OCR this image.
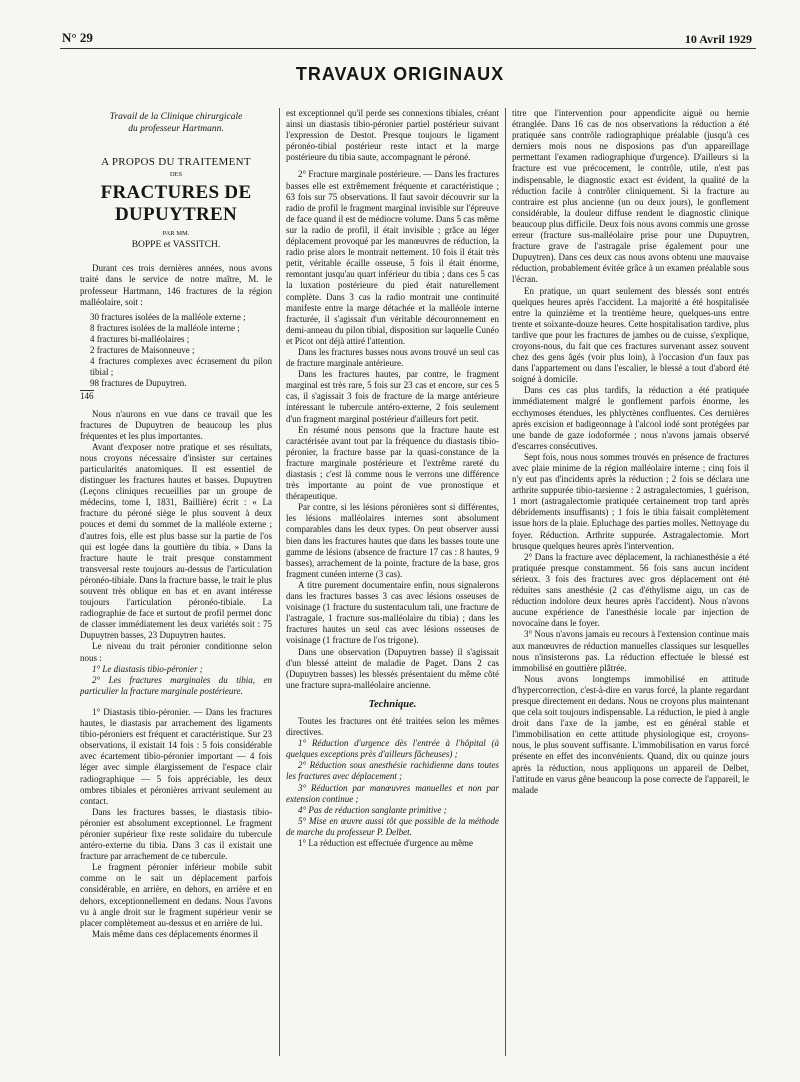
N° 29	10 Avril 1929
TRAVAUX ORIGINAUX
Travail de la Clinique chirurgicale
du professeur Hartmann.
A PROPOS DU TRAITEMENT
DES
FRACTURES DE DUPUYTREN
PAR MM.
BOPPE et VASSITCH.

Durant ces trois dernières années, nous avons traité dans le service de notre maître, M. le professeur Hartmann, 146 fractures de la région malléolaire, soit :

30 fractures isolées de la malléole externe ;

8 fractures isolées de la malléole interne ;

4 fractures bi-malléolaires ;

2 fractures de Maisonneuve ;

4 fractures complexes avec écrasement du pilon tibial ;

98 fractures de Dupuytren.

146

Nous n'aurons en vue dans ce travail que les fractures de Dupuytren de beaucoup les plus fréquentes et les plus importantes.

Avant d'exposer notre pratique et ses résultats, nous croyons nécessaire d'insister sur certaines particularités anatomiques. Il est essentiel de distinguer les fractures hautes et basses. Dupuytren (Leçons cliniques recueillies par un groupe de médecins, tome I, 1831, Baillière) écrit : « La fracture du péroné siège le plus souvent à deux pouces et demi du sommet de la malléole externe ; d'autres fois, elle est plus basse sur la partie de l'os qui est logée dans la gouttière du tibia. » Dans la fracture haute le trait presque constamment transversal reste toujours au-dessus de l'articulation péronéo-tibiale. Dans la fracture basse, le trait le plus souvent très oblique en bas et en avant intéresse toujours l'articulation péronéo-tibiale. La radiographie de face et surtout de profil permet donc de classer immédiatement les deux variétés soit : 75 Dupuytren basses, 23 Dupuytren hautes.

Le niveau du trait péronier conditionne selon nous :

1° Le diastasis tibio-péronier ;

2° Les fractures marginales du tibia, en particulier la fracture marginale postérieure.

1° Diastasis tibio-péronier. — Dans les fractures hautes, le diastasis par arrachement des ligaments tibio-péroniers est fréquent et caractéristique. Sur 23 observations, il existait 14 fois : 5 fois considérable avec écartement tibio-péronier important — 4 fois léger avec simple élargissement de l'espace clair radiographique — 5 fois appréciable, les deux ombres tibiales et péronières arrivant seulement au contact.

Dans les fractures basses, le diastasis tibio-péronier est absolument exceptionnel. Le fragment péronier supérieur fixe reste solidaire du tubercule antéro-externe du tibia. Dans 3 cas il existait une fracture par arrachement de ce tubercule.

Le fragment péronier inférieur mobile subit comme on le sait un déplacement parfois considérable, en arrière, en dehors, en arrière et en dehors, exceptionnellement en dedans. Nous l'avons vu à angle droit sur le fragment supérieur venir se placer complètement au-dessus et en arrière de lui.

Mais même dans ces déplacements énormes il

est exceptionnel qu'il perde ses connexions tibiales, créant ainsi un diastasis tibio-péronier partiel postérieur suivant l'expression de Destot. Presque toujours le ligament péronéo-tibial postérieur reste intact et la marge postérieure du tibia saute, accompagnant le péroné.

2° Fracture marginale postérieure. — Dans les fractures basses elle est extrêmement fréquente et caractéristique ; 63 fois sur 75 observations. Il faut savoir découvrir sur la radio de profil le fragment marginal invisible sur l'épreuve de face quand il est de médiocre volume. Dans 5 cas même sur la radio de profil, il était invisible ; grâce au léger déplacement provoqué par les manœuvres de réduction, la radio prise alors le montrait nettement. 10 fois il était très petit, véritable écaille osseuse, 5 fois il était énorme, remontant jusqu'au quart inférieur du tibia ; dans ces 5 cas la luxation postérieure du pied était naturellement complète. Dans 3 cas la radio montrait une continuité manifeste entre la marge détachée et la malléole interne fracturée, il s'agissait d'un véritable découronnement en demi-anneau du pilon tibial, disposition sur laquelle Cunéo et Picot ont déjà attiré l'attention.

Dans les fractures basses nous avons trouvé un seul cas de fracture marginale antérieure.

Dans les fractures hautes, par contre, le fragment marginal est très rare, 5 fois sur 23 cas et encore, sur ces 5 cas, il s'agissait 3 fois de fracture de la marge antérieure intéressant le tubercule antéro-externe, 2 fois seulement d'un fragment marginal postérieur d'ailleurs fort petit.

En résumé nous pensons que la fracture haute est caractérisée avant tout par la fréquence du diastasis tibio-péronier, la fracture basse par la quasi-constance de la fracture marginale postérieure et l'extrême rareté du diastasis ; c'est là comme nous le verrons une différence très importante au point de vue pronostique et thérapeutique.

Par contre, si les lésions péronières sont si différentes, les lésions malléolaires internes sont absolument comparables dans les deux types. On peut observer aussi bien dans les fractures hautes que dans les basses toute une gamme de lésions (absence de fracture 17 cas : 8 hautes, 9 basses), arrachement de la pointe, fracture de la base, gros fragment cunéen interne (3 cas).

A titre purement documentaire enfin, nous signalerons dans les fractures basses 3 cas avec lésions osseuses de voisinage (1 fracture du sustentaculum tali, une fracture de l'astragale, 1 fracture sus-malléolaire du tibia) ; dans les fractures hautes un seul cas avec lésions osseuses de voisinage (1 fracture de l'os trigone).

Dans une observation (Dupuytren basse) il s'agissait d'un blessé atteint de maladie de Paget. Dans 2 cas (Dupuytren basses) les blessés présentaient du même côté une fracture supra-malléolaire ancienne.

Technique.

Toutes les fractures ont été traitées selon les mêmes directives.

1° Réduction d'urgence dès l'entrée à l'hôpital (à quelques exceptions près d'ailleurs fâcheuses) ;

2° Réduction sous anesthésie rachidienne dans toutes les fractures avec déplacement ;

3° Réduction par manœuvres manuelles et non par extension continue ;

4° Pas de réduction sanglante primitive ;

5° Mise en œuvre aussi tôt que possible de la méthode de marche du professeur P. Delbet.

1° La réduction est effectuée d'urgence au même

titre que l'intervention pour appendicite aiguë ou hernie étranglée. Dans 16 cas de nos observations la réduction a été pratiquée sans contrôle radiographique préalable (jusqu'à ces derniers mois nous ne disposions pas d'un appareillage permettant l'examen radiographique d'urgence). D'ailleurs si la fracture est vue précocement, le contrôle, utile, n'est pas indispensable, le diagnostic exact est évident, la qualité de la réduction facile à contrôler cliniquement. Si la fracture au contraire est plus ancienne (un ou deux jours), le gonflement considérable, la douleur diffuse rendent le diagnostic clinique beaucoup plus difficile. Deux fois nous avons commis une grosse erreur (fracture sus-malléolaire prise pour une Dupuytren, fracture grave de l'astragale prise également pour une Dupuytren). Dans ces deux cas nous avons obtenu une mauvaise réduction, probablement évitée grâce à un examen préalable sous l'écran.

En pratique, un quart seulement des blessés sont entrés quelques heures après l'accident. La majorité a été hospitalisée entre la quinzième et la trentième heure, quelques-uns entre trente et soixante-douze heures. Cette hospitalisation tardive, plus tardive que pour les fractures de jambes ou de cuisse, s'explique, croyons-nous, du fait que ces fractures survenant assez souvent chez des gens âgés (voir plus loin), à l'occasion d'un faux pas dans l'appartement ou dans l'escalier, le blessé a tout d'abord été soigné à domicile.

Dans ces cas plus tardifs, la réduction a été pratiquée immédiatement malgré le gonflement parfois énorme, les ecchymoses étendues, les phlyctènes confluentes. Ces dernières après excision et badigeonnage à l'alcool iodé sont protégées par une bande de gaze iodoformée ; nous n'avons jamais observé d'escarres consécutives.

Sept fois, nous nous sommes trouvés en présence de fractures avec plaie minime de la région malléolaire interne ; cinq fois il n'y eut pas d'incidents après la réduction ; 2 fois se déclara une arthrite suppurée tibio-tarsienne : 2 astragalectomies, 1 guérison, 1 mort (astragalectomie pratiquée certainement trop tard après débridements insuffisants) ; 1 fois le tibia faisait complètement issue hors de la plaie. Epluchage des parties molles. Nettoyage du foyer. Réduction. Arthrite suppurée. Astragalectomie. Mort brusque quelques heures après l'intervention.

2° Dans la fracture avec déplacement, la rachianesthésie a été pratiquée presque constamment. 56 fois sans aucun incident sérieux. 3 fois des fractures avec gros déplacement ont été réduites sans anesthésie (2 cas d'éthylisme aigu, un cas de réduction indolore deux heures après l'accident). Nous n'avons aucune expérience de l'anesthésie locale par injection de novocaïne dans le foyer.

3° Nous n'avons jamais eu recours à l'extension continue mais aux manœuvres de réduction manuelles classiques sur lesquelles nous n'insisterons pas. La réduction effectuée le blessé est immobilisé en gouttière plâtrée.

Nous avons longtemps immobilisé en attitude d'hypercorrection, c'est-à-dire en varus forcé, la plante regardant presque directement en dedans. Nous ne croyons plus maintenant que cela soit toujours indispensable. La réduction, le pied à angle droit dans l'axe de la jambe, est en général stable et l'immobilisation en cette attitude physiologique est, croyons-nous, le plus souvent suffisante. L'immobilisation en varus forcé présente en effet des inconvénients. Quand, dix ou quinze jours après la réduction, nous appliquons un appareil de Delbet, l'attitude en varus gêne beaucoup la pose correcte de l'appareil, le malade
